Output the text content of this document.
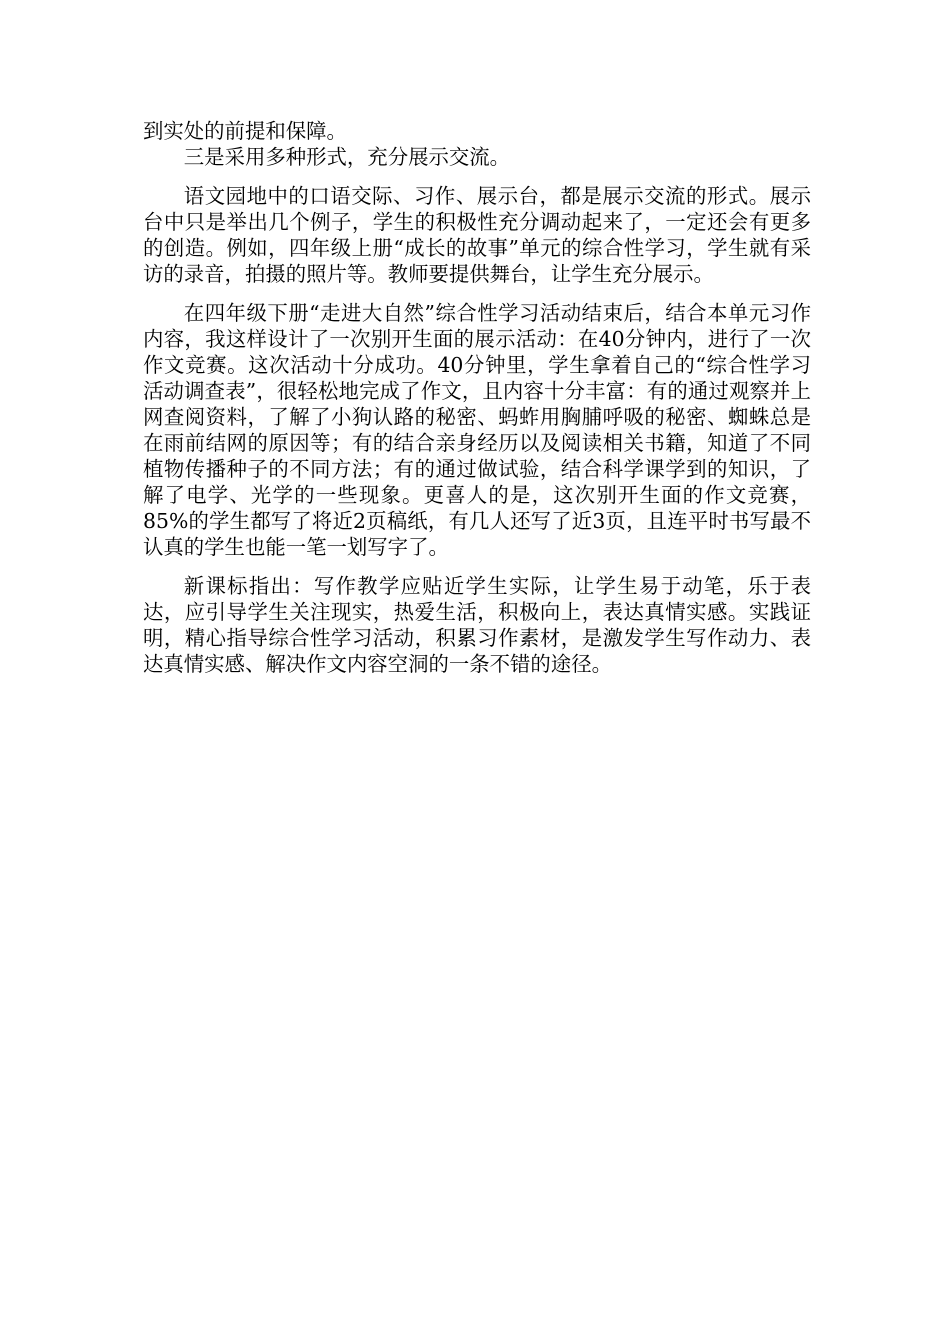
到实处的前提和保障。

三是采用多种形式，充分展示交流。

语文园地中的口语交际、习作、展示台，都是展示交流的形式。展示台中只是举出几个例子，学生的积极性充分调动起来了，一定还会有更多的创造。例如，四年级上册“成长的故事”单元的综合性学习，学生就有采访的录音，拍摄的照片等。教师要提供舞台，让学生充分展示。

在四年级下册“走进大自然”综合性学习活动结束后，结合本单元习作内容，我这样设计了一次别开生面的展示活动：在40分钟内，进行了一次作文竞赛。这次活动十分成功。40分钟里，学生拿着自己的“综合性学习活动调查表”，很轻松地完成了作文，且内容十分丰富：有的通过观察并上网查阅资料，了解了小狗认路的秘密、蚂蚱用胸脯呼吸的秘密、蜘蛛总是在雨前结网的原因等；有的结合亲身经历以及阅读相关书籍，知道了不同植物传播种子的不同方法；有的通过做试验，结合科学课学到的知识，了解了电学、光学的一些现象。更喜人的是，这次别开生面的作文竞赛，85%的学生都写了将近2页稿纸，有几人还写了近3页，且连平时书写最不认真的学生也能一笔一划写字了。

新课标指出：写作教学应贴近学生实际，让学生易于动笔，乐于表达，应引导学生关注现实，热爱生活，积极向上，表达真情实感。实践证明，精心指导综合性学习活动，积累习作素材，是激发学生写作动力、表达真情实感、解决作文内容空洞的一条不错的途径。
